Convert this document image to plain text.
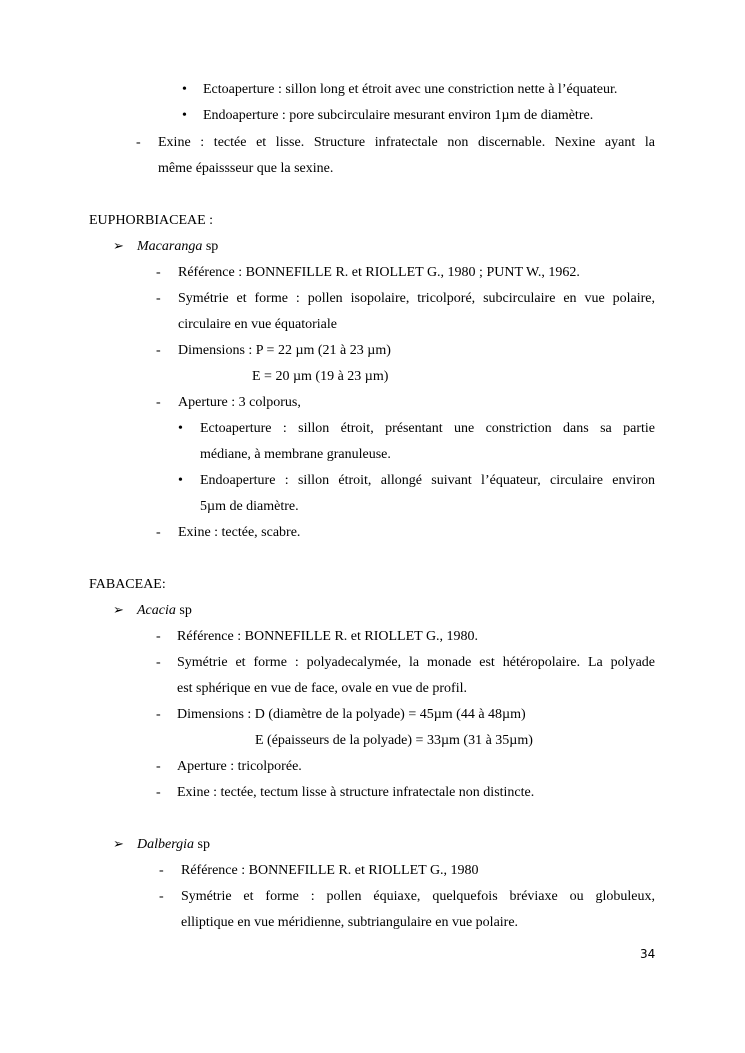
• Ectoaperture : sillon long et étroit avec une constriction nette à l’équateur.
• Endoaperture : pore subcirculaire mesurant environ 1µm de diamètre.
- Exine : tectée et lisse. Structure infratectale non discernable. Nexine ayant la
même épaissseur que la sexine.
EUPHORBIACEAE :
➢ Macaranga sp
- Référence : BONNEFILLE R. et RIOLLET G., 1980 ; PUNT W., 1962.
- Symétrie et forme : pollen isopolaire, tricolporé, subcirculaire en vue polaire,
circulaire en vue équatoriale
- Dimensions : P = 22 µm (21 à 23 µm)
E = 20 µm (19 à 23 µm)
- Aperture : 3 colporus,
• Ectoaperture : sillon étroit, présentant une constriction dans sa partie
médiane, à membrane granuleuse.
• Endoaperture : sillon étroit, allongé suivant l’équateur, circulaire environ
5µm de diamètre.
- Exine : tectée, scabre.
FABACEAE:
➢ Acacia sp
- Référence : BONNEFILLE R. et RIOLLET G., 1980.
- Symétrie et forme : polyadecalymée, la monade est hétéropolaire. La polyade
est sphérique en vue de face, ovale en vue de profil.
- Dimensions : D (diamètre de la polyade) = 45µm (44 à 48µm)
E (épaisseurs de la polyade) = 33µm (31 à 35µm)
- Aperture : tricolporée.
- Exine : tectée, tectum lisse à structure infratectale non distincte.
➢ Dalbergia sp
- Référence : BONNEFILLE R. et RIOLLET G., 1980
- Symétrie et forme : pollen équiaxe, quelquefois bréviaxe ou globuleux,
elliptique en vue méridienne, subtriangulaire en vue polaire.
34
